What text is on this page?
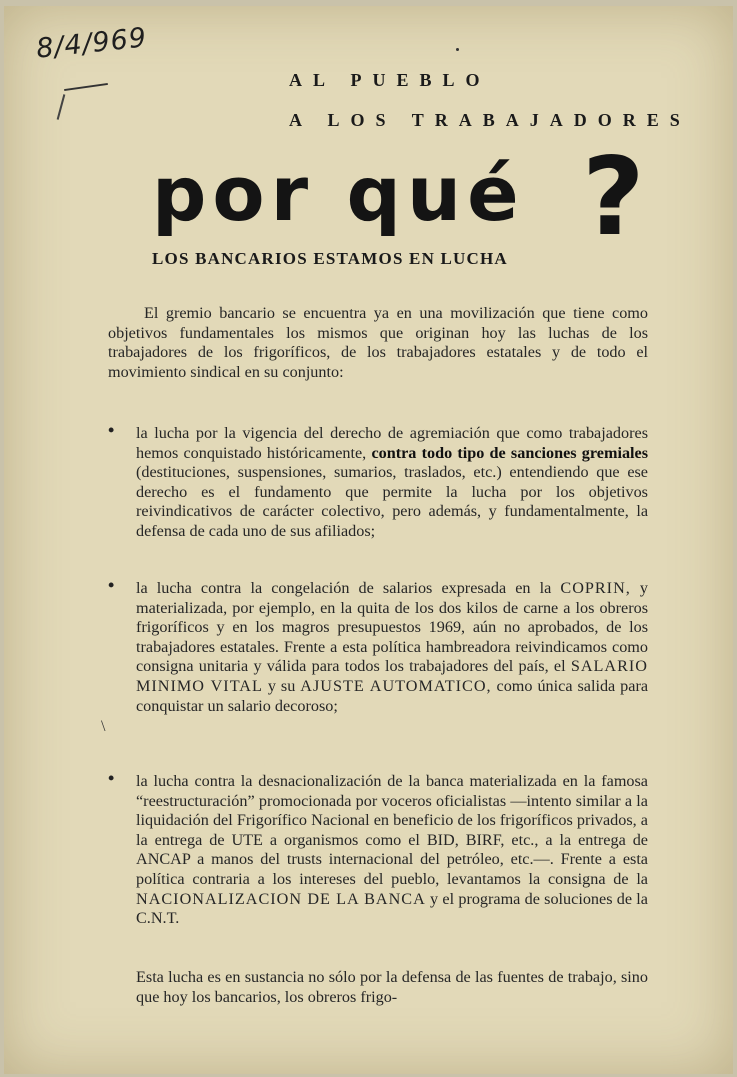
8/4/969
AL PUEBLO
A LOS TRABAJADORES
por qué ?
LOS BANCARIOS ESTAMOS EN LUCHA

El gremio bancario se encuentra ya en una movilización que tiene como objetivos fundamentales los mismos que originan hoy las luchas de los trabajadores de los frigoríficos, de los trabajadores estatales y de todo el movimiento sindical en su conjunto:

• la lucha por la vigencia del derecho de agremiación que como trabajadores hemos conquistado históricamente, contra todo tipo de sanciones gremiales (destituciones, suspensiones, sumarios, traslados, etc.) entendiendo que ese derecho es el fundamento que permite la lucha por los objetivos reivindicativos de carácter colectivo, pero además, y fundamentalmente, la defensa de cada uno de sus afiliados;

• la lucha contra la congelación de salarios expresada en la COPRIN, y materializada, por ejemplo, en la quita de los dos kilos de carne a los obreros frigoríficos y en los magros presupuestos 1969, aún no aprobados, de los trabajadores estatales. Frente a esta política hambreadora reivindicamos como consigna unitaria y válida para todos los trabajadores del país, el SALARIO MINIMO VITAL y su AJUSTE AUTOMATICO, como única salida para conquistar un salario decoroso;

\
• la lucha contra la desnacionalización de la banca materializada en la famosa “reestructuración” promocionada por voceros oficialistas —intento similar a la liquidación del Frigorífico Nacional en beneficio de los frigoríficos privados, a la entrega de UTE a organismos como el BID, BIRF, etc., a la entrega de ANCAP a manos del trusts internacional del petróleo, etc.—. Frente a esta política contraria a los intereses del pueblo, levantamos la consigna de la NACIONALIZACION DE LA BANCA y el programa de soluciones de la C.N.T.

Esta lucha es en sustancia no sólo por la defensa de las fuentes de trabajo, sino que hoy los bancarios, los obreros frigo-
